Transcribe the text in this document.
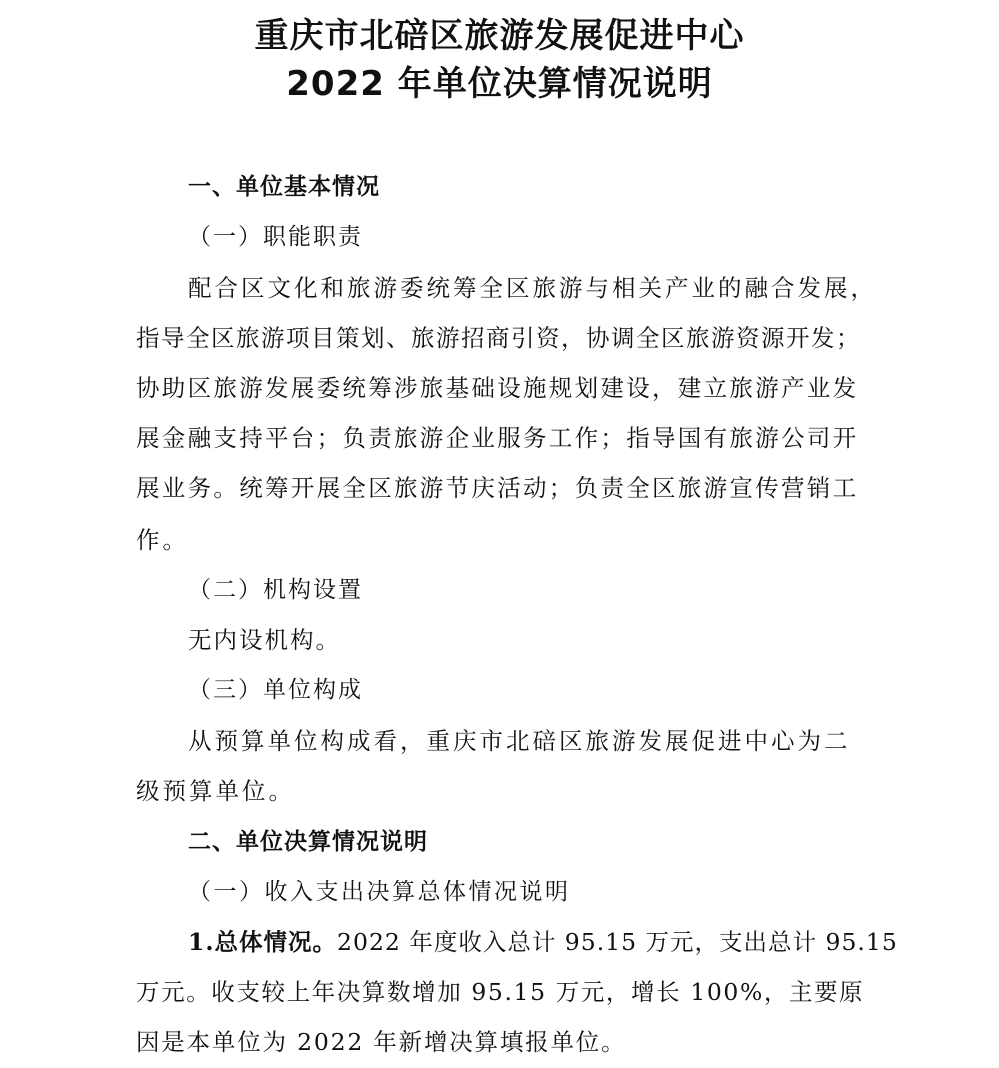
重庆市北碚区旅游发展促进中心
2022 年单位决算情况说明
一、单位基本情况
（一）职能职责
配合区文化和旅游委统筹全区旅游与相关产业的融合发展，
指导全区旅游项目策划、旅游招商引资，协调全区旅游资源开发；
协助区旅游发展委统筹涉旅基础设施规划建设，建立旅游产业发
展金融支持平台；负责旅游企业服务工作；指导国有旅游公司开
展业务。统筹开展全区旅游节庆活动；负责全区旅游宣传营销工
作。
（二）机构设置
无内设机构。
（三）单位构成
从预算单位构成看，重庆市北碚区旅游发展促进中心为二
级预算单位。
二、单位决算情况说明
（一）收入支出决算总体情况说明
1.总体情况。2022 年度收入总计 95.15 万元，支出总计 95.15
万元。收支较上年决算数增加 95.15 万元，增长 100%，主要原
因是本单位为 2022 年新增决算填报单位。
